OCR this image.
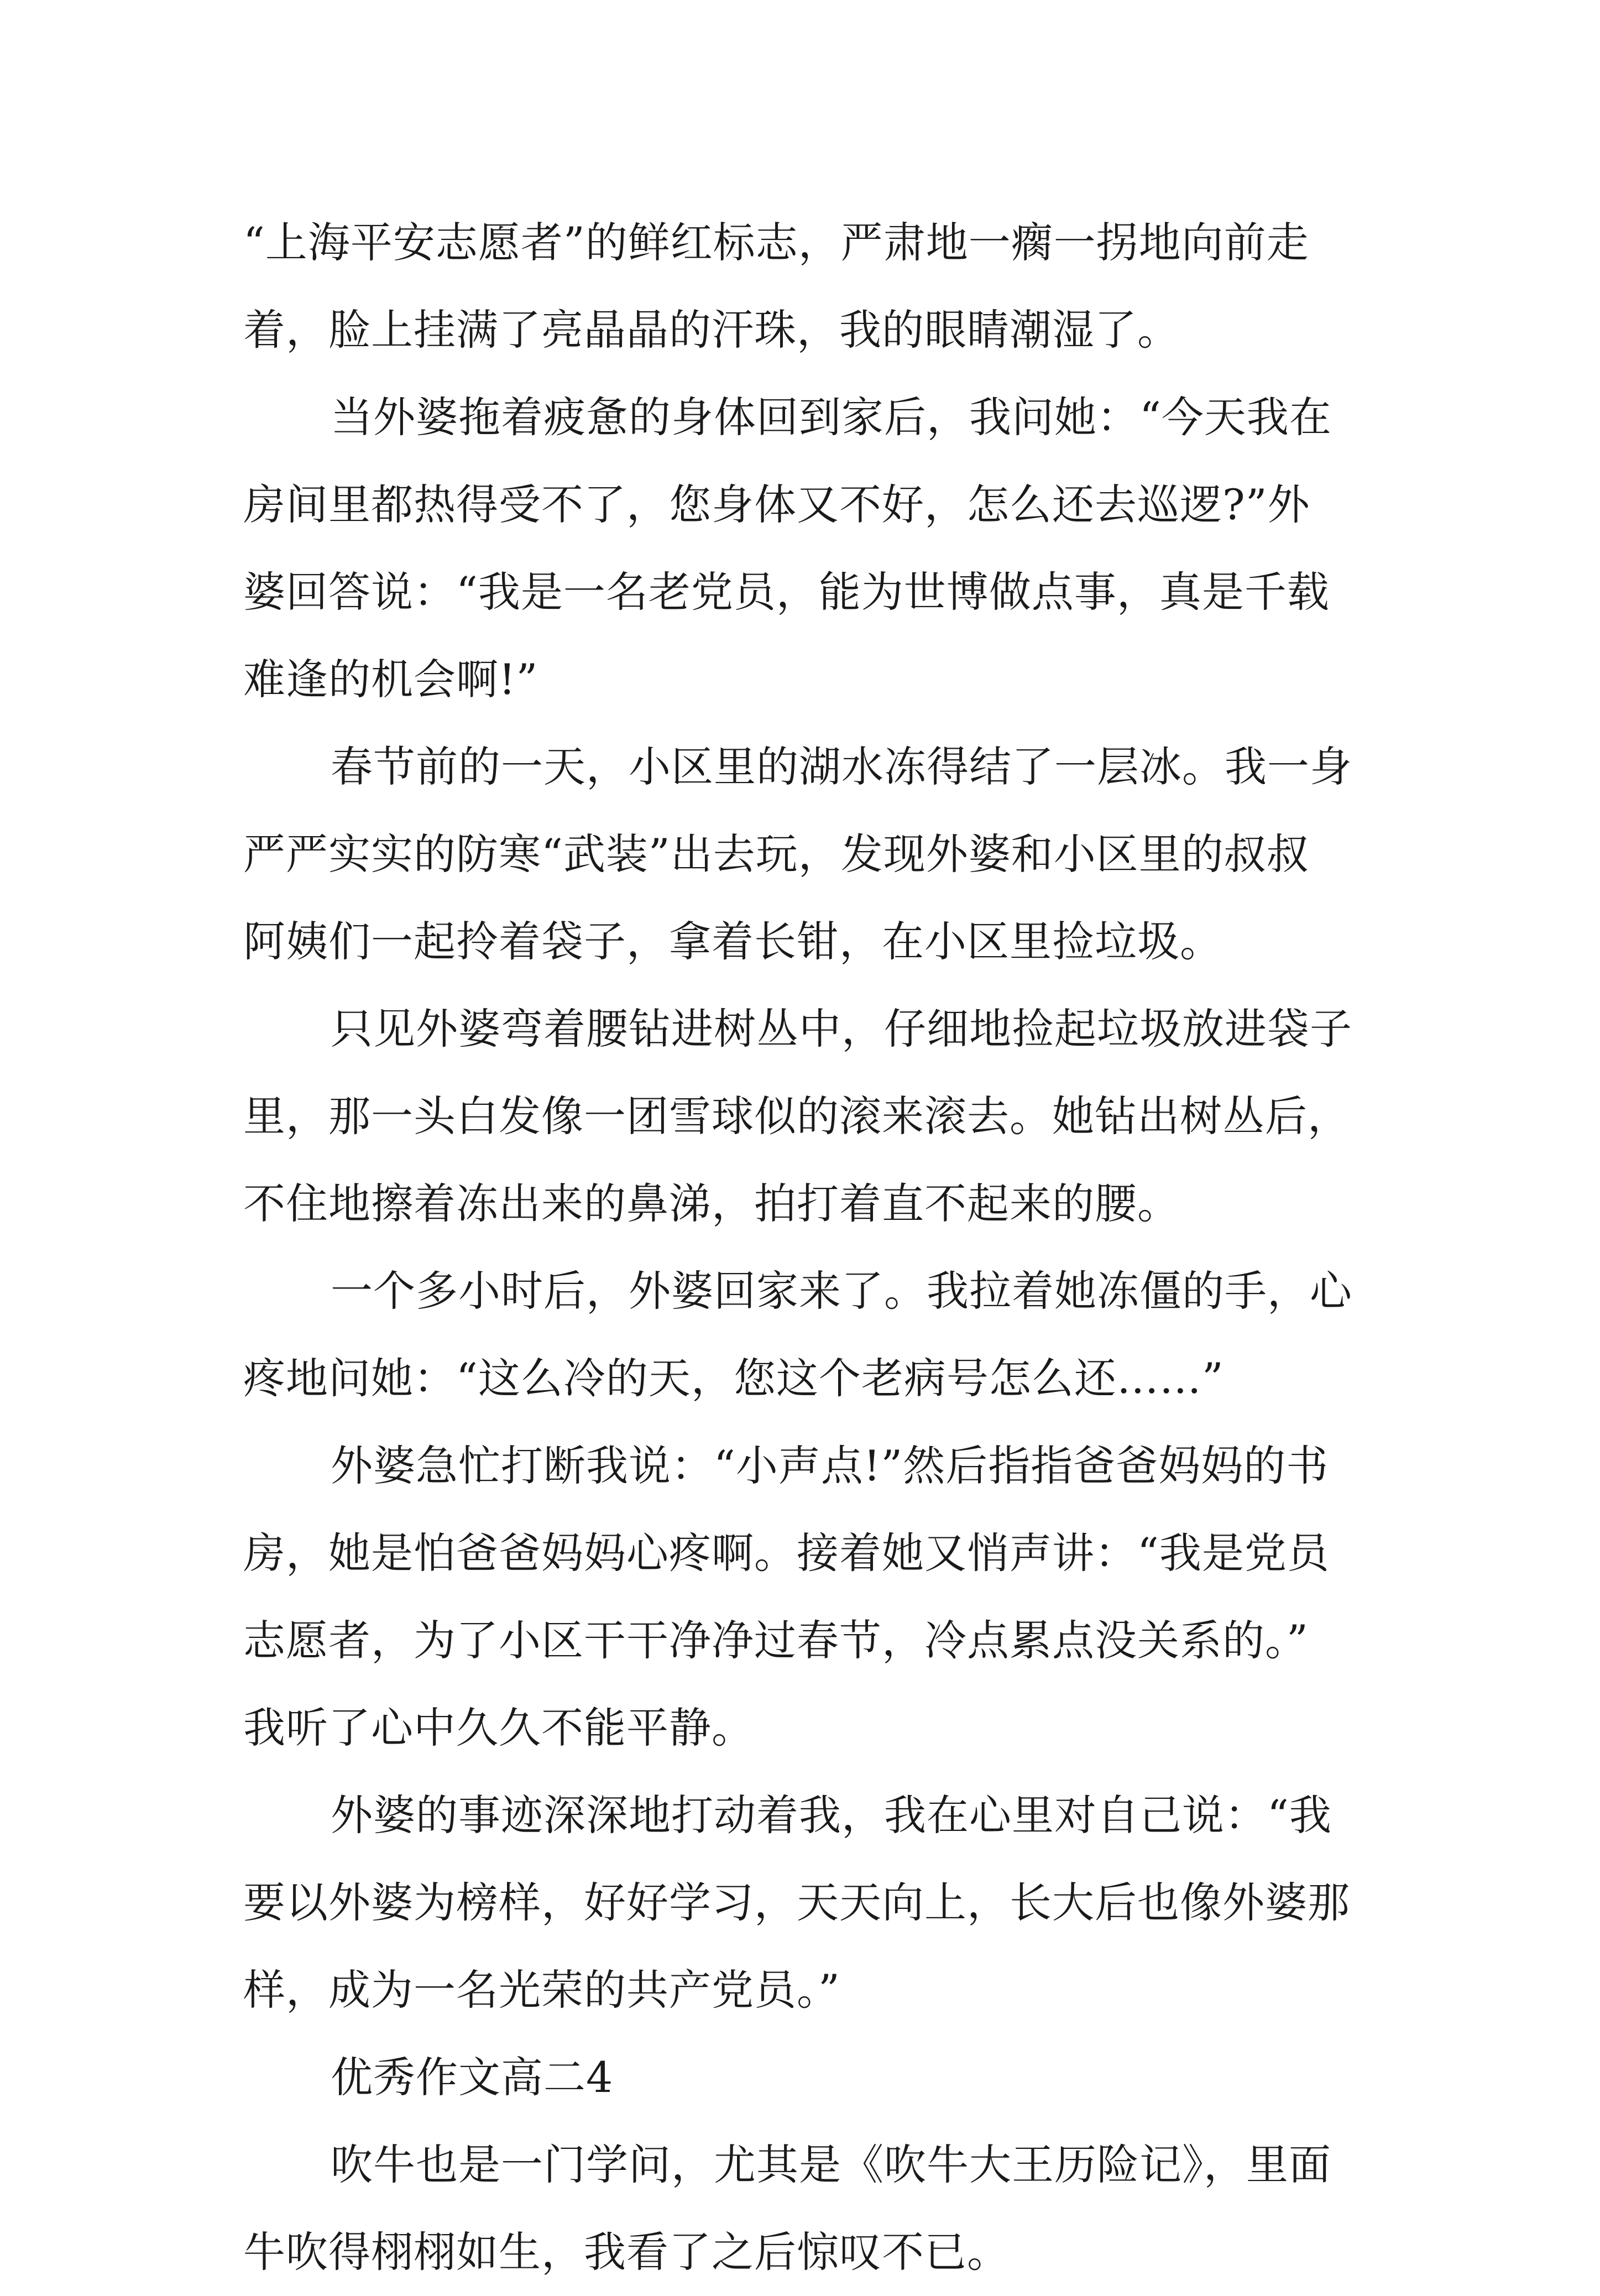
“上海平安志愿者”的鲜红标志，严肃地一瘸一拐地向前走
着，脸上挂满了亮晶晶的汗珠，我的眼睛潮湿了。
当外婆拖着疲惫的身体回到家后，我问她：“今天我在
房间里都热得受不了，您身体又不好，怎么还去巡逻?”外
婆回答说：“我是一名老党员，能为世博做点事，真是千载
难逢的机会啊!”
春节前的一天，小区里的湖水冻得结了一层冰。我一身
严严实实的防寒“武装”出去玩，发现外婆和小区里的叔叔
阿姨们一起拎着袋子，拿着长钳，在小区里捡垃圾。
只见外婆弯着腰钻进树丛中，仔细地捡起垃圾放进袋子
里，那一头白发像一团雪球似的滚来滚去。她钻出树丛后，
不住地擦着冻出来的鼻涕，拍打着直不起来的腰。
一个多小时后，外婆回家来了。我拉着她冻僵的手，心
疼地问她：“这么冷的天，您这个老病号怎么还……”
外婆急忙打断我说：“小声点!”然后指指爸爸妈妈的书
房，她是怕爸爸妈妈心疼啊。接着她又悄声讲：“我是党员
志愿者，为了小区干干净净过春节，冷点累点没关系的。”
我听了心中久久不能平静。
外婆的事迹深深地打动着我，我在心里对自己说：“我
要以外婆为榜样，好好学习，天天向上，长大后也像外婆那
样，成为一名光荣的共产党员。”
优秀作文高二4
吹牛也是一门学问，尤其是《吹牛大王历险记》，里面
牛吹得栩栩如生，我看了之后惊叹不已。
